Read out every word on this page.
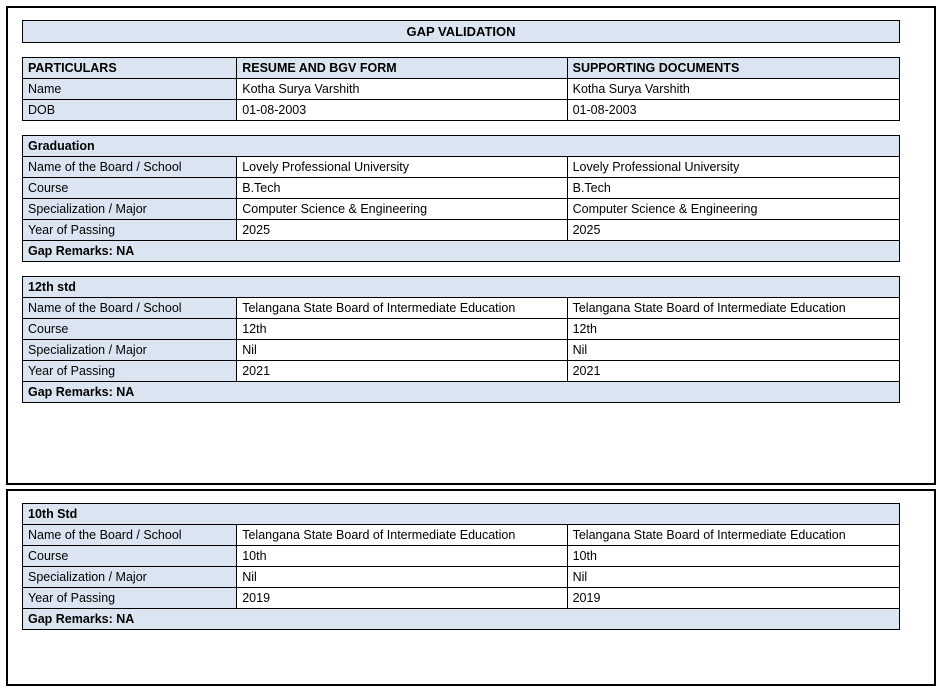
GAP VALIDATION
PARTICULARS	RESUME AND BGV FORM	SUPPORTING DOCUMENTS
Name	Kotha Surya Varshith	Kotha Surya Varshith
DOB	01-08-2003	01-08-2003
Graduation		
Name of the Board / School	Lovely Professional University	Lovely Professional University
Course	B.Tech	B.Tech
Specialization / Major	Computer Science & Engineering	Computer Science & Engineering
Year of Passing	2025	2025
Gap Remarks: NA		
12th std		
Name of the Board / School	Telangana State Board of Intermediate Education	Telangana State Board of Intermediate Education
Course	12th	12th
Specialization / Major	Nil	Nil
Year of Passing	2021	2021
Gap Remarks: NA		
10th Std		
Name of the Board / School	Telangana State Board of Intermediate Education	Telangana State Board of Intermediate Education
Course	10th	10th
Specialization / Major	Nil	Nil
Year of Passing	2019	2019
Gap Remarks: NA		
